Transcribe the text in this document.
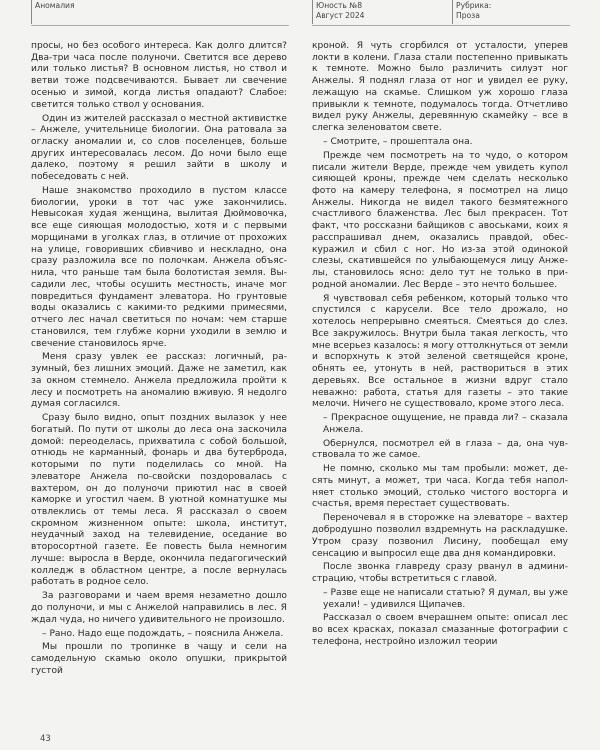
Аномалия	Юность №8
Август 2024
Рубрика:
Проза

просы, но без особого интереса. Как долго длится? Два-три часа после полуночи. Светится все дерево или только листья? В основном листья, но ствол и ветви тоже подсвечиваются. Бывает ли свечение осенью и зимой, когда листья опадают? Слабое: светится только ствол у основания.

Один из жителей рассказал о местной активистке – Анжеле, учительнице биологии. Она ратовала за огласку аномалии и, со слов поселенцев, больше других интересовалась лесом. До ночи было еще далеко, поэтому я решил зайти в школу и побеседовать с ней.

Наше знакомство проходило в пустом классе биологии, уроки в тот час уже закончились. Невысокая худая женщина, вылитая Дюймовочка, все еще сияющая молодостью, хотя и с первыми морщинами в уголках глаз, в отличие от прохожих на улице, говоривших сбивчиво и нескладно, она сразу разложила все по полочкам. Анжела объяснила, что раньше там была болотистая земля. Высадили лес, чтобы осушить местность, иначе мог повредиться фундамент элеватора. Но грунтовые воды оказались с какими-то редкими примесями, отчего лес начал светиться по ночам: чем старше становился, тем глубже корни уходили в землю и свечение становилось ярче.

Меня сразу увлек ее рассказ: логичный, разумный, без лишних эмоций. Даже не заметил, как за окном стемнело. Анжела предложила пройти к лесу и посмотреть на аномалию вживую. Я недолго думая согласился.

Сразу было видно, опыт поздних вылазок у нее богатый. По пути от школы до леса она заскочила домой: переоделась, прихватила с собой большой, отнюдь не карманный, фонарь и два бутерброда, которыми по пути поделилась со мной. На элеваторе Анжела по-свойски поздоровалась с вахтером, он до полуночи приютил нас в своей каморке и угостил чаем. В уютной комнатушке мы отвлеклись от темы леса. Я рассказал о своем скромном жизненном опыте: школа, институт, неудачный заход на телевидение, оседание во второсортной газете. Ее повесть была немногим лучше: выросла в Верде, окончила педагогический колледж в областном центре, а после вернулась работать в родное село.

За разговорами и чаем время незаметно дошло до полуночи, и мы с Анжелой направились в лес. Я ждал чуда, но ничего удивительного не произошло.

– Рано. Надо еще подождать, – пояснила Анжела.

Мы прошли по тропинке в чащу и сели на самодельную скамью около опушки, прикрытой густой

кроной. Я чуть сгорбился от усталости, уперев локти в колени. Глаза стали постепенно привыкать к темноте. Можно было различить силуэт ног Анжелы. Я поднял глаза от ног и увидел ее руку, лежащую на скамье. Слишком уж хорошо глаза привыкли к темноте, подумалось тогда. Отчетливо видел руку Анжелы, деревянную скамейку – все в слегка зеленоватом свете.

– Смотрите, – прошептала она.

Прежде чем посмотреть на то чудо, о котором писали жители Верде, прежде чем увидеть купол сияющей кроны, прежде чем сделать несколько фото на камеру телефона, я посмотрел на лицо Анжелы. Никогда не видел такого безмятежного счастливого блаженства. Лес был прекрасен. Тот факт, что россказни байщиков с авоськами, коих я расспрашивал днем, оказались правдой, обескуражил и сбил с ног. Но из-за этой одинокой слезы, скатившейся по улыбающемуся лицу Анжелы, становилось ясно: дело тут не только в природной аномалии. Лес Верде – это нечто большее.

Я чувствовал себя ребенком, который только что спустился с карусели. Все тело дрожало, но хотелось непрерывно смеяться. Смеяться до слез. Все закружилось. Внутри была такая легкость, что мне всерьез казалось: я могу оттолкнуться от земли и вспорхнуть к этой зеленой светящейся кроне, обнять ее, утонуть в ней, раствориться в этих деревьях. Все остальное в жизни вдруг стало неважно: работа, статья для газеты – это такие мелочи. Ничего не существовало, кроме этого леса.

– Прекрасное ощущение, не правда ли? – сказала Анжела.

Обернулся, посмотрел ей в глаза – да, она чувствовала то же самое.

Не помню, сколько мы там пробыли: может, десять минут, а может, три часа. Когда тебя наполняет столько эмоций, столько чистого восторга и счастья, время перестает существовать.

Переночевал я в сторожке на элеваторе – вахтер добродушно позволил вздремнуть на раскладушке. Утром сразу позвонил Лисину, пообещал ему сенсацию и выпросил еще два дня командировки.

После звонка главреду сразу рванул в администрацию, чтобы встретиться с главой.

– Разве еще не написали статью? Я думал, вы уже уехали! – удивился Щипачев.

Рассказал о своем вчерашнем опыте: описал лес во всех красках, показал смазанные фотографии с телефона, нестройно изложил теории

43
